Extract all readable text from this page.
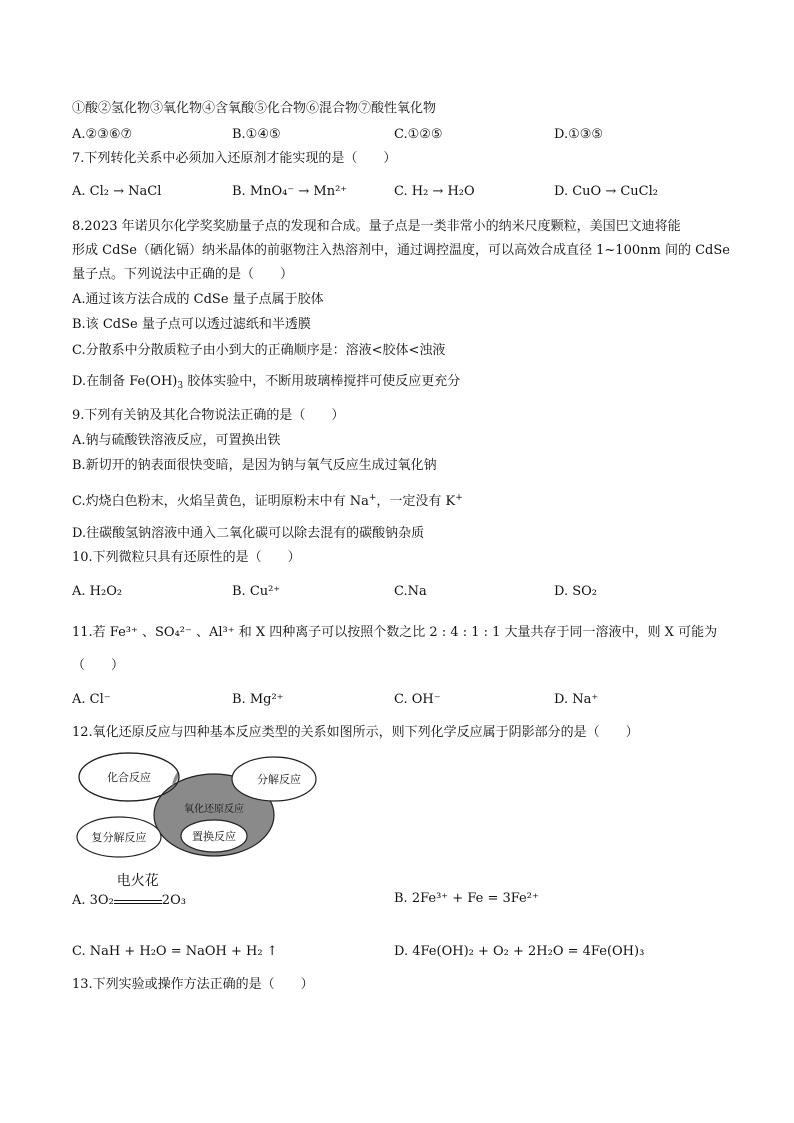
①酸②氢化物③氧化物④含氧酸⑤化合物⑥混合物⑦酸性氧化物
A.②③⑥⑦	B.①④⑤	C.①②⑤	D.①③⑤
7.下列转化关系中必须加入还原剂才能实现的是（　　）
A. Cl₂ → NaCl	B. MnO₄⁻ → Mn²⁺	C. H₂ → H₂O	D. CuO → CuCl₂
8.2023 年诺贝尔化学奖奖励量子点的发现和合成。量子点是一类非常小的纳米尺度颗粒，美国巴文迪将能
形成 CdSe（硒化镉）纳米晶体的前驱物注入热溶剂中，通过调控温度，可以高效合成直径 1~100nm 间的 CdSe
量子点。下列说法中正确的是（　　）
A.通过该方法合成的 CdSe 量子点属于胶体
B.该 CdSe 量子点可以透过滤纸和半透膜
C.分散系中分散质粒子由小到大的正确顺序是：溶液<胶体<浊液
D.在制备 $Fe(OH)_3$ 胶体实验中，不断用玻璃棒搅拌可使反应更充分
9.下列有关钠及其化合物说法正确的是（　　）
A.钠与硫酸铁溶液反应，可置换出铁
B.新切开的钠表面很快变暗，是因为钠与氧气反应生成过氧化钠
C.灼烧白色粉末，火焰呈黄色，证明原粉末中有 Na+，一定没有 K+
D.往碳酸氢钠溶液中通入二氧化碳可以除去混有的碳酸钠杂质
10.下列微粒只具有还原性的是（　　）
A. H₂O₂	B. Cu²⁺	C.Na	D. SO₂
11.若 Fe³⁺ 、SO₄²⁻ 、Al³⁺ 和 X 四种离子可以按照个数之比 2 : 4 : 1 : 1 大量共存于同一溶液中，则 X 可能为
（　　）
A. Cl⁻	B. Mg²⁺	C. OH⁻	D. Na⁺
12.氧化还原反应与四种基本反应类型的关系如图所示，则下列化学反应属于阴影部分的是（　　）
化合反应	分解反应
氧化还原反应
置换反应
复分解反应
A. 3O₂
电火花
2O₃	B. 2Fe³⁺ + Fe = 3Fe²⁺
C. NaH + H₂O = NaOH + H₂ ↑	D. 4Fe(OH)₂ + O₂ + 2H₂O = 4Fe(OH)₃
13.下列实验或操作方法正确的是（　　）
